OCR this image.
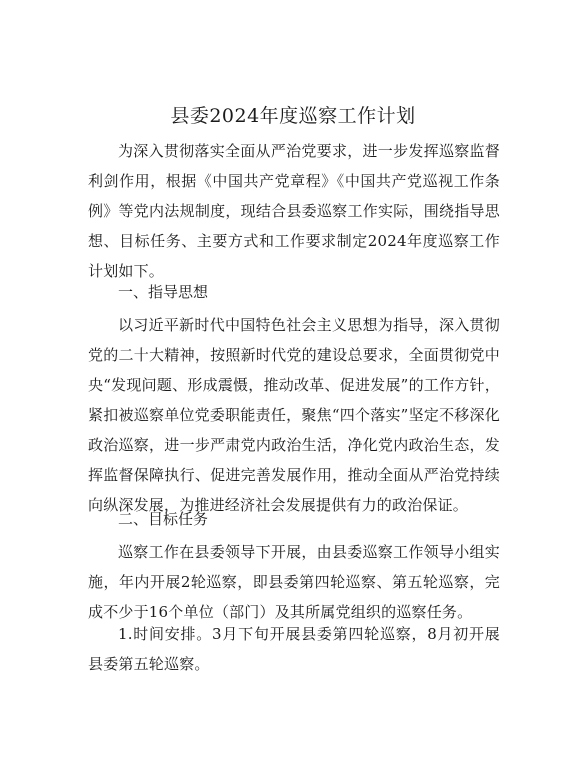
县委2024年度巡察工作计划
为深入贯彻落实全面从严治党要求，进一步发挥巡察监督利剑作用，根据《中国共产党章程》《中国共产党巡视工作条例》等党内法规制度，现结合县委巡察工作实际，围绕指导思想、目标任务、主要方式和工作要求制定2024年度巡察工作计划如下。
一、指导思想
以习近平新时代中国特色社会主义思想为指导，深入贯彻党的二十大精神，按照新时代党的建设总要求，全面贯彻党中央“发现问题、形成震慑，推动改革、促进发展”的工作方针，紧扣被巡察单位党委职能责任，聚焦“四个落实”坚定不移深化政治巡察，进一步严肃党内政治生活，净化党内政治生态，发挥监督保障执行、促进完善发展作用，推动全面从严治党持续向纵深发展，为推进经济社会发展提供有力的政治保证。
二、目标任务
巡察工作在县委领导下开展，由县委巡察工作领导小组实施，年内开展2轮巡察，即县委第四轮巡察、第五轮巡察，完成不少于16个单位（部门）及其所属党组织的巡察任务。
1.时间安排。3月下旬开展县委第四轮巡察，8月初开展县委第五轮巡察。
